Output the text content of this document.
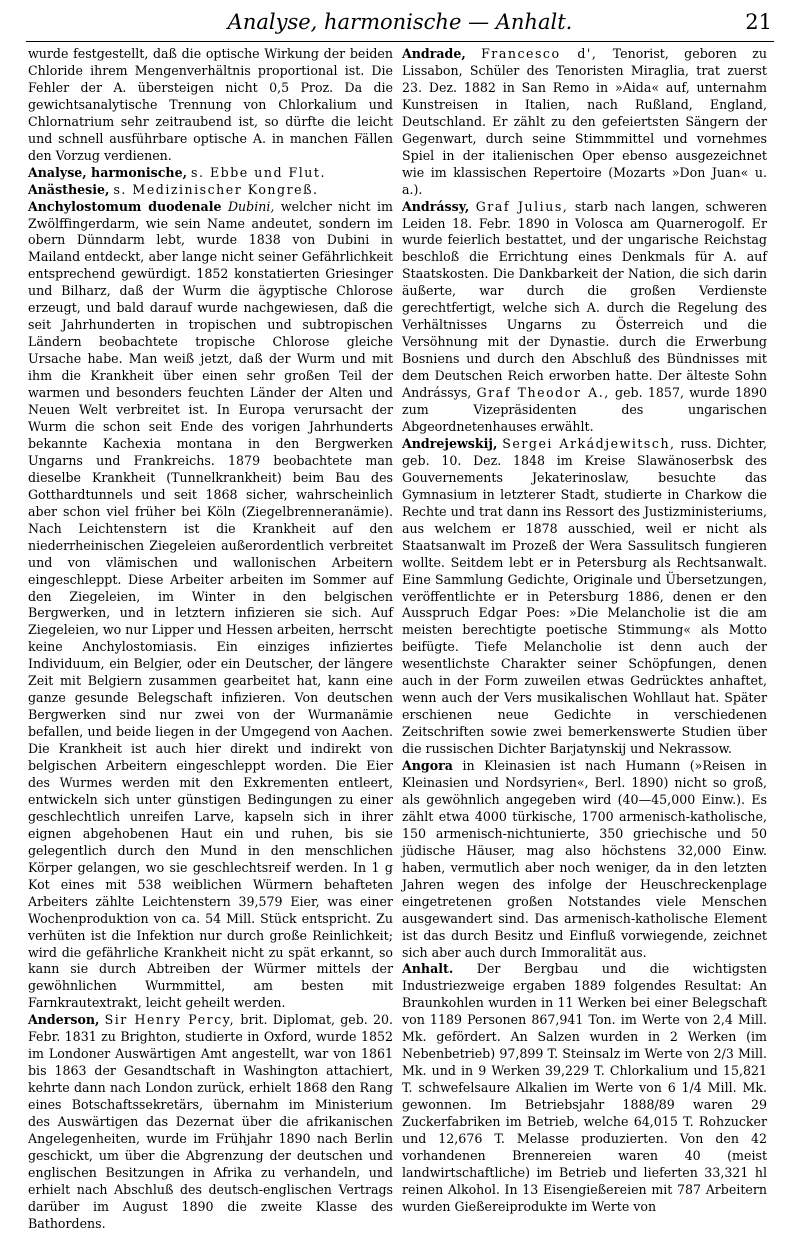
Analyse, harmonische — Anhalt.	21

wurde festgestellt, daß die optische Wirkung der beiden Chloride ihrem Mengenverhältnis proportional ist. Die Fehler der A. übersteigen nicht 0,5 Proz. Da die gewichtsanalytische Trennung von Chlorkalium und Chlornatrium sehr zeitraubend ist, so dürfte die leicht und schnell ausführbare optische A. in manchen Fällen den Vorzug verdienen.

Analyse, harmonische, s. Ebbe und Flut.

Anästhesie, s. Medizinischer Kongreß.

Anchylostomum duodenale Dubini, welcher nicht im Zwölffingerdarm, wie sein Name andeutet, sondern im obern Dünndarm lebt, wurde 1838 von Dubini in Mailand entdeckt, aber lange nicht seiner Gefährlichkeit entsprechend gewürdigt. 1852 konstatierten Griesinger und Bilharz, daß der Wurm die ägyptische Chlorose erzeugt, und bald darauf wurde nachgewiesen, daß die seit Jahrhunderten in tropischen und subtropischen Ländern beobachtete tropische Chlorose gleiche Ursache habe. Man weiß jetzt, daß der Wurm und mit ihm die Krankheit über einen sehr großen Teil der warmen und besonders feuchten Länder der Alten und Neuen Welt verbreitet ist. In Europa verursacht der Wurm die schon seit Ende des vorigen Jahrhunderts bekannte Kachexia montana in den Bergwerken Ungarns und Frankreichs. 1879 beobachtete man dieselbe Krankheit (Tunnelkrankheit) beim Bau des Gotthardtunnels und seit 1868 sicher, wahrscheinlich aber schon viel früher bei Köln (Ziegelbrenneranämie). Nach Leichtenstern ist die Krankheit auf den niederrheinischen Ziegeleien außerordentlich verbreitet und von vlämischen und wallonischen Arbeitern eingeschleppt. Diese Arbeiter arbeiten im Sommer auf den Ziegeleien, im Winter in den belgischen Bergwerken, und in letztern infizieren sie sich. Auf Ziegeleien, wo nur Lipper und Hessen arbeiten, herrscht keine Anchylostomiasis. Ein einziges infiziertes Individuum, ein Belgier, oder ein Deutscher, der längere Zeit mit Belgiern zusammen gearbeitet hat, kann eine ganze gesunde Belegschaft infizieren. Von deutschen Bergwerken sind nur zwei von der Wurmanämie befallen, und beide liegen in der Umgegend von Aachen. Die Krankheit ist auch hier direkt und indirekt von belgischen Arbeitern eingeschleppt worden. Die Eier des Wurmes werden mit den Exkrementen entleert, entwickeln sich unter günstigen Bedingungen zu einer geschlechtlich unreifen Larve, kapseln sich in ihrer eignen abgehobenen Haut ein und ruhen, bis sie gelegentlich durch den Mund in den menschlichen Körper gelangen, wo sie geschlechtsreif werden. In 1 g Kot eines mit 538 weiblichen Würmern behafteten Arbeiters zählte Leichtenstern 39,579 Eier, was einer Wochenproduktion von ca. 54 Mill. Stück entspricht. Zu verhüten ist die Infektion nur durch große Reinlichkeit; wird die gefährliche Krankheit nicht zu spät erkannt, so kann sie durch Abtreiben der Würmer mittels der gewöhnlichen Wurmmittel, am besten mit Farnkrautextrakt, leicht geheilt werden.

Anderson, Sir Henry Percy, brit. Diplomat, geb. 20. Febr. 1831 zu Brighton, studierte in Oxford, wurde 1852 im Londoner Auswärtigen Amt angestellt, war von 1861 bis 1863 der Gesandtschaft in Washington attachiert, kehrte dann nach London zurück, erhielt 1868 den Rang eines Botschaftssekretärs, übernahm im Ministerium des Auswärtigen das Dezernat über die afrikanischen Angelegenheiten, wurde im Frühjahr 1890 nach Berlin geschickt, um über die Abgrenzung der deutschen und englischen Besitzungen in Afrika zu verhandeln, und erhielt nach Abschluß des deutsch-englischen Vertrags darüber im August 1890 die zweite Klasse des Bathordens.

Andrade, Francesco d', Tenorist, geboren zu Lissabon, Schüler des Tenoristen Miraglia, trat zuerst 23. Dez. 1882 in San Remo in »Aida« auf, unternahm Kunstreisen in Italien, nach Rußland, England, Deutschland. Er zählt zu den gefeiertsten Sängern der Gegenwart, durch seine Stimmmittel und vornehmes Spiel in der italienischen Oper ebenso ausgezeichnet wie im klassischen Repertoire (Mozarts »Don Juan« u. a.).

Andrássy, Graf Julius, starb nach langen, schweren Leiden 18. Febr. 1890 in Volosca am Quarnerogolf. Er wurde feierlich bestattet, und der ungarische Reichstag beschloß die Errichtung eines Denkmals für A. auf Staatskosten. Die Dankbarkeit der Nation, die sich darin äußerte, war durch die großen Verdienste gerechtfertigt, welche sich A. durch die Regelung des Verhältnisses Ungarns zu Österreich und die Versöhnung mit der Dynastie. durch die Erwerbung Bosniens und durch den Abschluß des Bündnisses mit dem Deutschen Reich erworben hatte. Der älteste Sohn Andrássys, Graf Theodor A., geb. 1857, wurde 1890 zum Vizepräsidenten des ungarischen Abgeordnetenhauses erwählt.

Andrejewskij, Sergei Arkádjewitsch, russ. Dichter, geb. 10. Dez. 1848 im Kreise Slawänoserbsk des Gouvernements Jekaterinoslaw, besuchte das Gymnasium in letzterer Stadt, studierte in Charkow die Rechte und trat dann ins Ressort des Justizministeriums, aus welchem er 1878 ausschied, weil er nicht als Staatsanwalt im Prozeß der Wera Sassulitsch fungieren wollte. Seitdem lebt er in Petersburg als Rechtsanwalt. Eine Sammlung Gedichte, Originale und Übersetzungen, veröffentlichte er in Petersburg 1886, denen er den Ausspruch Edgar Poes: »Die Melancholie ist die am meisten berechtigte poetische Stimmung« als Motto beifügte. Tiefe Melancholie ist denn auch der wesentlichste Charakter seiner Schöpfungen, denen auch in der Form zuweilen etwas Gedrücktes anhaftet, wenn auch der Vers musikalischen Wohllaut hat. Später erschienen neue Gedichte in verschiedenen Zeitschriften sowie zwei bemerkenswerte Studien über die russischen Dichter Barjatynskij und Nekrassow.

Angora in Kleinasien ist nach Humann (»Reisen in Kleinasien und Nordsyrien«, Berl. 1890) nicht so groß, als gewöhnlich angegeben wird (40—45,000 Einw.). Es zählt etwa 4000 türkische, 1700 armenisch-katholische, 150 armenisch-nichtunierte, 350 griechische und 50 jüdische Häuser, mag also höchstens 32,000 Einw. haben, vermutlich aber noch weniger, da in den letzten Jahren wegen des infolge der Heuschreckenplage eingetretenen großen Notstandes viele Menschen ausgewandert sind. Das armenisch-katholische Element ist das durch Besitz und Einfluß vorwiegende, zeichnet sich aber auch durch Immoralität aus.

Anhalt. Der Bergbau und die wichtigsten Industriezweige ergaben 1889 folgendes Resultat: An Braunkohlen wurden in 11 Werken bei einer Belegschaft von 1189 Personen 867,941 Ton. im Werte von 2,4 Mill. Mk. gefördert. An Salzen wurden in 2 Werken (im Nebenbetrieb) 97,899 T. Steinsalz im Werte von 2/3 Mill. Mk. und in 9 Werken 39,229 T. Chlorkalium und 15,821 T. schwefelsaure Alkalien im Werte von 6 1/4 Mill. Mk. gewonnen. Im Betriebsjahr 1888/89 waren 29 Zuckerfabriken im Betrieb, welche 64,015 T. Rohzucker und 12,676 T. Melasse produzierten. Von den 42 vorhandenen Brennereien waren 40 (meist landwirtschaftliche) im Betrieb und lieferten 33,321 hl reinen Alkohol. In 13 Eisengießereien mit 787 Arbeitern wurden Gießereiprodukte im Werte von
